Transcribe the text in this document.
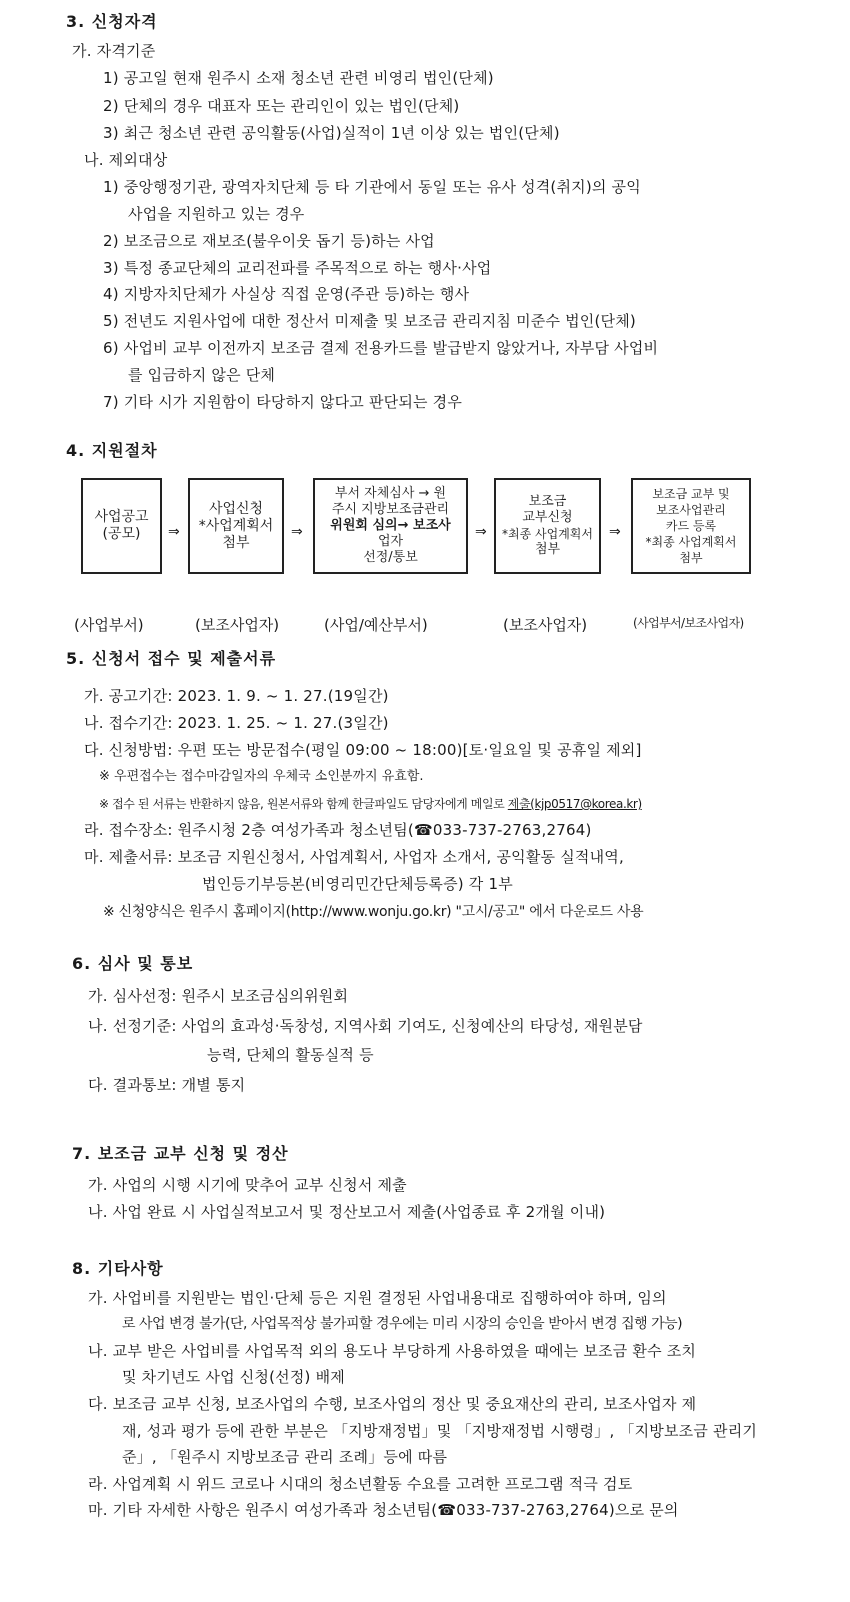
3. 신청자격
가. 자격기준
1) 공고일 현재 원주시 소재 청소년 관련 비영리 법인(단체)
2) 단체의 경우 대표자 또는 관리인이 있는 법인(단체)
3) 최근 청소년 관련 공익활동(사업)실적이 1년 이상 있는 법인(단체)
나. 제외대상
1) 중앙행정기관, 광역자치단체 등 타 기관에서 동일 또는 유사 성격(취지)의 공익
사업을 지원하고 있는 경우
2) 보조금으로 재보조(불우이웃 돕기 등)하는 사업
3) 특정 종교단체의 교리전파를 주목적으로 하는 행사·사업
4) 지방자치단체가 사실상 직접 운영(주관 등)하는 행사
5) 전년도 지원사업에 대한 정산서 미제출 및 보조금 관리지침 미준수 법인(단체)
6) 사업비 교부 이전까지 보조금 결제 전용카드를 발급받지 않았거나, 자부담 사업비
를 입금하지 않은 단체
7) 기타 시가 지원함이 타당하지 않다고 판단되는 경우
4. 지원절차
사업공고
(공모) ⇒
사업신청
*사업계획서
첨부
⇒
부서 자체심사 → 원
주시 지방보조금관리
위원회 심의→ 보조사
업자
선정/통보
⇒
보조금
교부신청
*최종 사업계획서
첨부
⇒
보조금 교부 및
보조사업관리
카드 등록
*최종 사업계획서
첨부
(사업부서)	(보조사업자)	(사업/예산부서)	(보조사업자)	(사업부서/보조사업자)
5. 신청서 접수 및 제출서류
가. 공고기간: 2023. 1. 9. ~ 1. 27.(19일간)
나. 접수기간: 2023. 1. 25. ~ 1. 27.(3일간)
다. 신청방법: 우편 또는 방문접수(평일 09:00 ~ 18:00)[토·일요일 및 공휴일 제외]
※ 우편접수는 접수마감일자의 우체국 소인분까지 유효함.
※ 접수 된 서류는 반환하지 않음, 원본서류와 함께 한글파일도 담당자에게 메일로 제출(kjp0517@korea.kr)
라. 접수장소: 원주시청 2층 여성가족과 청소년팀(☎033-737-2763,2764)
마. 제출서류: 보조금 지원신청서, 사업계획서, 사업자 소개서, 공익활동 실적내역,
법인등기부등본(비영리민간단체등록증) 각 1부
※ 신청양식은 원주시 홈페이지(http://www.wonju.go.kr) "고시/공고" 에서 다운로드 사용
6. 심사 및 통보
가. 심사선정: 원주시 보조금심의위원회
나. 선정기준: 사업의 효과성·독창성, 지역사회 기여도, 신청예산의 타당성, 재원분담
능력, 단체의 활동실적 등
다. 결과통보: 개별 통지
7. 보조금 교부 신청 및 정산
가. 사업의 시행 시기에 맞추어 교부 신청서 제출
나. 사업 완료 시 사업실적보고서 및 정산보고서 제출(사업종료 후 2개월 이내)
8. 기타사항
가. 사업비를 지원받는 법인·단체 등은 지원 결정된 사업내용대로 집행하여야 하며, 임의
로 사업 변경 불가(단, 사업목적상 불가피할 경우에는 미리 시장의 승인을 받아서 변경 집행 가능)
나. 교부 받은 사업비를 사업목적 외의 용도나 부당하게 사용하였을 때에는 보조금 환수 조치
및 차기년도 사업 신청(선정) 배제
다. 보조금 교부 신청, 보조사업의 수행, 보조사업의 정산 및 중요재산의 관리, 보조사업자 제
재, 성과 평가 등에 관한 부분은 「지방재정법」및 「지방재정법 시행령」, 「지방보조금 관리기
준」, 「원주시 지방보조금 관리 조례」등에 따름
라. 사업계획 시 위드 코로나 시대의 청소년활동 수요를 고려한 프로그램 적극 검토
마. 기타 자세한 사항은 원주시 여성가족과 청소년팀(☎033-737-2763,2764)으로 문의
